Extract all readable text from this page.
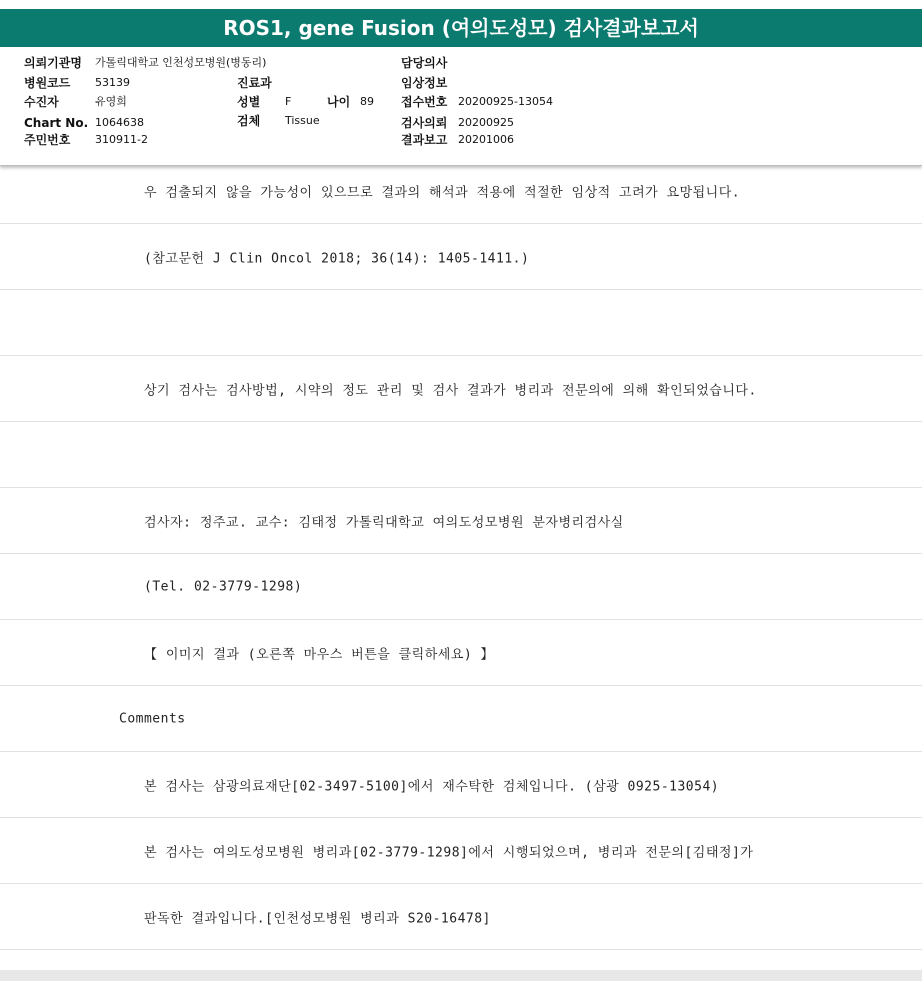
ROS1, gene Fusion (여의도성모) 검사결과보고서
의뢰기관명 가톨릭대학교 인천성모병원(병동리)
병원코드 53139
수진자	유영희
Chart No. 1064638
주민번호 310911-2
진료과
성별 F	나이 89
검체 Tissue
담당의사
임상정보
접수번호 20200925-13054
검사의뢰 20200925
결과보고 20201006
우 검출되지 않을 가능성이 있으므로 결과의 해석과 적용에 적절한 임상적 고려가 요망됩니다.
(참고문헌 J Clin Oncol 2018; 36(14): 1405-1411.)
상기 검사는 검사방법, 시약의 정도 관리 및 검사 결과가 병리과 전문의에 의해 확인되었습니다.
검사자: 정주교. 교수: 김태정 가톨릭대학교 여의도성모병원 분자병리검사실
(Tel. 02-3779-1298)
【 이미지 결과 (오른쪽 마우스 버튼을 클릭하세요) 】
Comments
본 검사는 삼광의료재단[02-3497-5100]에서 재수탁한 검체입니다. (삼광 0925-13054)
본 검사는 여의도성모병원 병리과[02-3779-1298]에서 시행되었으며, 병리과 전문의[김태정]가
판독한 결과입니다.[인천성모병원 병리과 S20-16478]
